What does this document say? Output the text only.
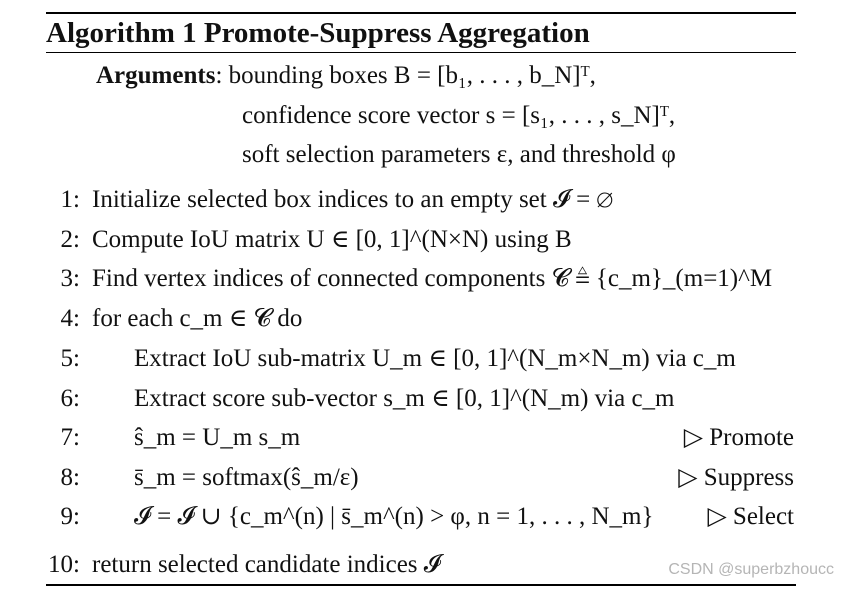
Algorithm 1 Promote-Suppress Aggregation
Arguments: bounding boxes B = [b₁, . . . , b_N]ᵀ,
confidence score vector s = [s₁, . . . , s_N]ᵀ,
soft selection parameters ε, and threshold φ
1: Initialize selected box indices to an empty set 𝓘 = ∅
2: Compute IoU matrix U ∈ [0, 1]^(N×N) using B
3: Find vertex indices of connected components 𝓒 ≜ {c_m}_(m=1)^M
4: for each c_m ∈ 𝓒 do
5: Extract IoU sub-matrix U_m ∈ [0, 1]^(N_m×N_m) via c_m
6: Extract score sub-vector s_m ∈ [0, 1]^(N_m) via c_m
7: ŝ_m = U_m s_m	▷ Promote
8: s̄_m = softmax(ŝ_m/ε)	▷ Suppress
9: 𝓘 = 𝓘 ∪ {c_m^(n) | s̄_m^(n) > φ, n = 1, . . . , N_m} ▷ Select
10: return selected candidate indices 𝓘	CSDN @superbzhoucc
